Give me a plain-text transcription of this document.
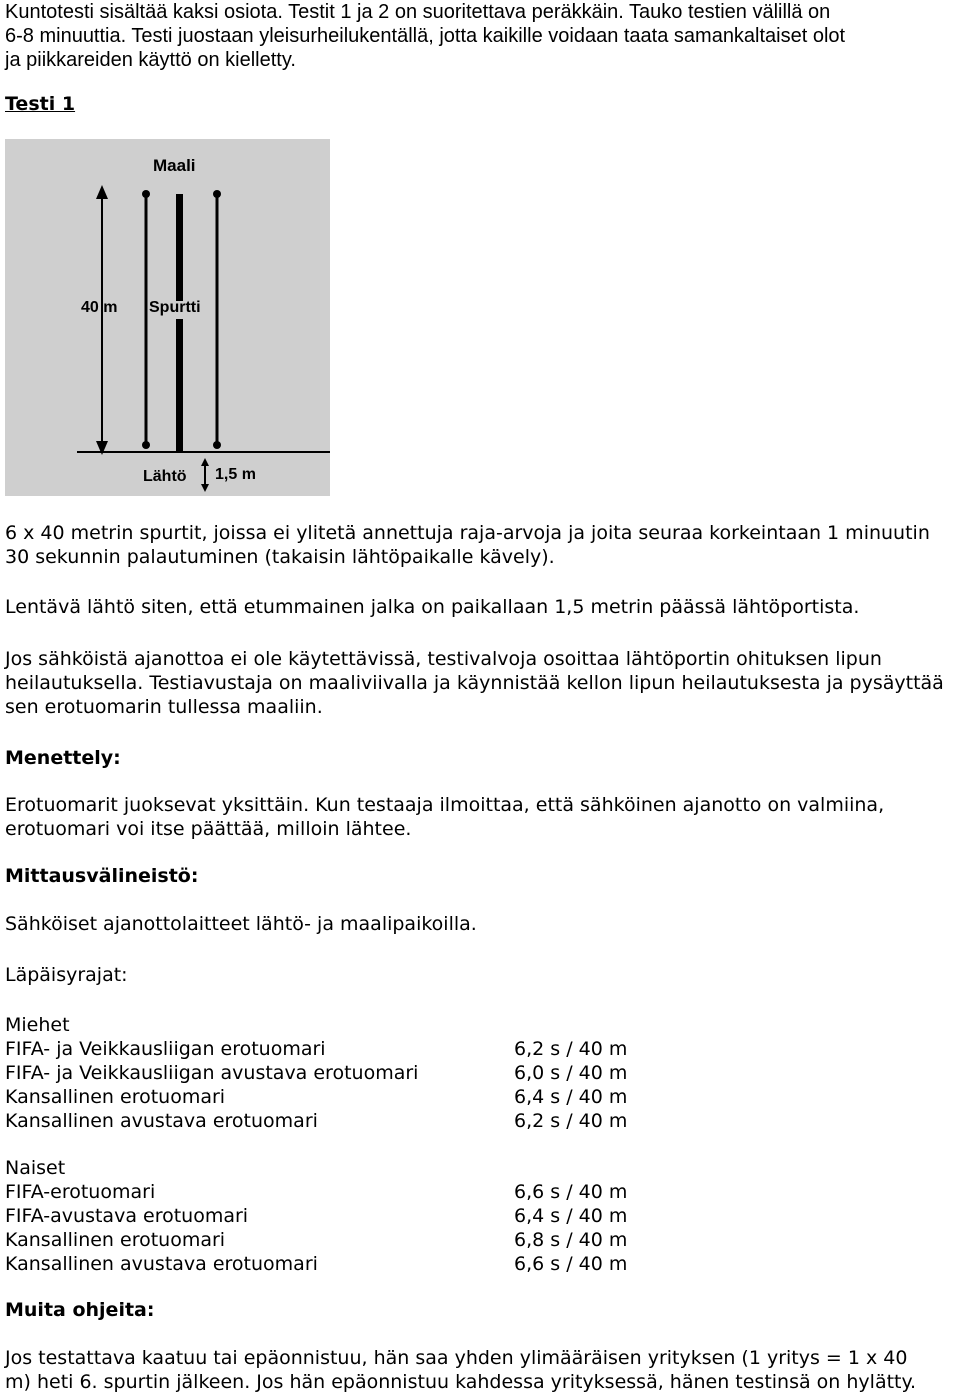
Kuntotesti sisältää kaksi osiota. Testit 1 ja 2 on suoritettava peräkkäin. Tauko testien välillä on

6-8 minuuttia. Testi juostaan yleisurheilukentällä, jotta kaikille voidaan taata samankaltaiset olot

ja piikkareiden käyttö on kielletty.

Testi 1

Maali
40 m Spurtti
Lähtö 1,5 m

6 x 40 metrin spurtit, joissa ei ylitetä annettuja raja-arvoja ja joita seuraa korkeintaan 1 minuutin 30 sekunnin palautuminen (takaisin lähtöpaikalle kävely).

Lentävä lähtö siten, että etummainen jalka on paikallaan 1,5 metrin päässä lähtöportista.

Jos sähköistä ajanottoa ei ole käytettävissä, testivalvoja osoittaa lähtöportin ohituksen lipun heilautuksella. Testiavustaja on maaliviivalla ja käynnistää kellon lipun heilautuksesta ja pysäyttää sen erotuomarin tullessa maaliin.

Menettely:

Erotuomarit juoksevat yksittäin. Kun testaaja ilmoittaa, että sähköinen ajanotto on valmiina, erotuomari voi itse päättää, milloin lähtee.

Mittausvälineistö:

Sähköiset ajanottolaitteet lähtö- ja maalipaikoilla.

Läpäisyrajat:

Miehet

FIFA- ja Veikkausliigan erotuomari	6,2 s / 40 m
FIFA- ja Veikkausliigan avustava erotuomari	6,0 s / 40 m
Kansallinen erotuomari	6,4 s / 40 m
Kansallinen avustava erotuomari	6,2 s / 40 m

Naiset

FIFA-erotuomari	6,6 s / 40 m
FIFA-avustava erotuomari	6,4 s / 40 m
Kansallinen erotuomari	6,8 s / 40 m
Kansallinen avustava erotuomari	6,6 s / 40 m

Muita ohjeita:

Jos testattava kaatuu tai epäonnistuu, hän saa yhden ylimääräisen yrityksen (1 yritys = 1 x 40

m) heti 6. spurtin jälkeen. Jos hän epäonnistuu kahdessa yrityksessä, hänen testinsä on hylätty.
